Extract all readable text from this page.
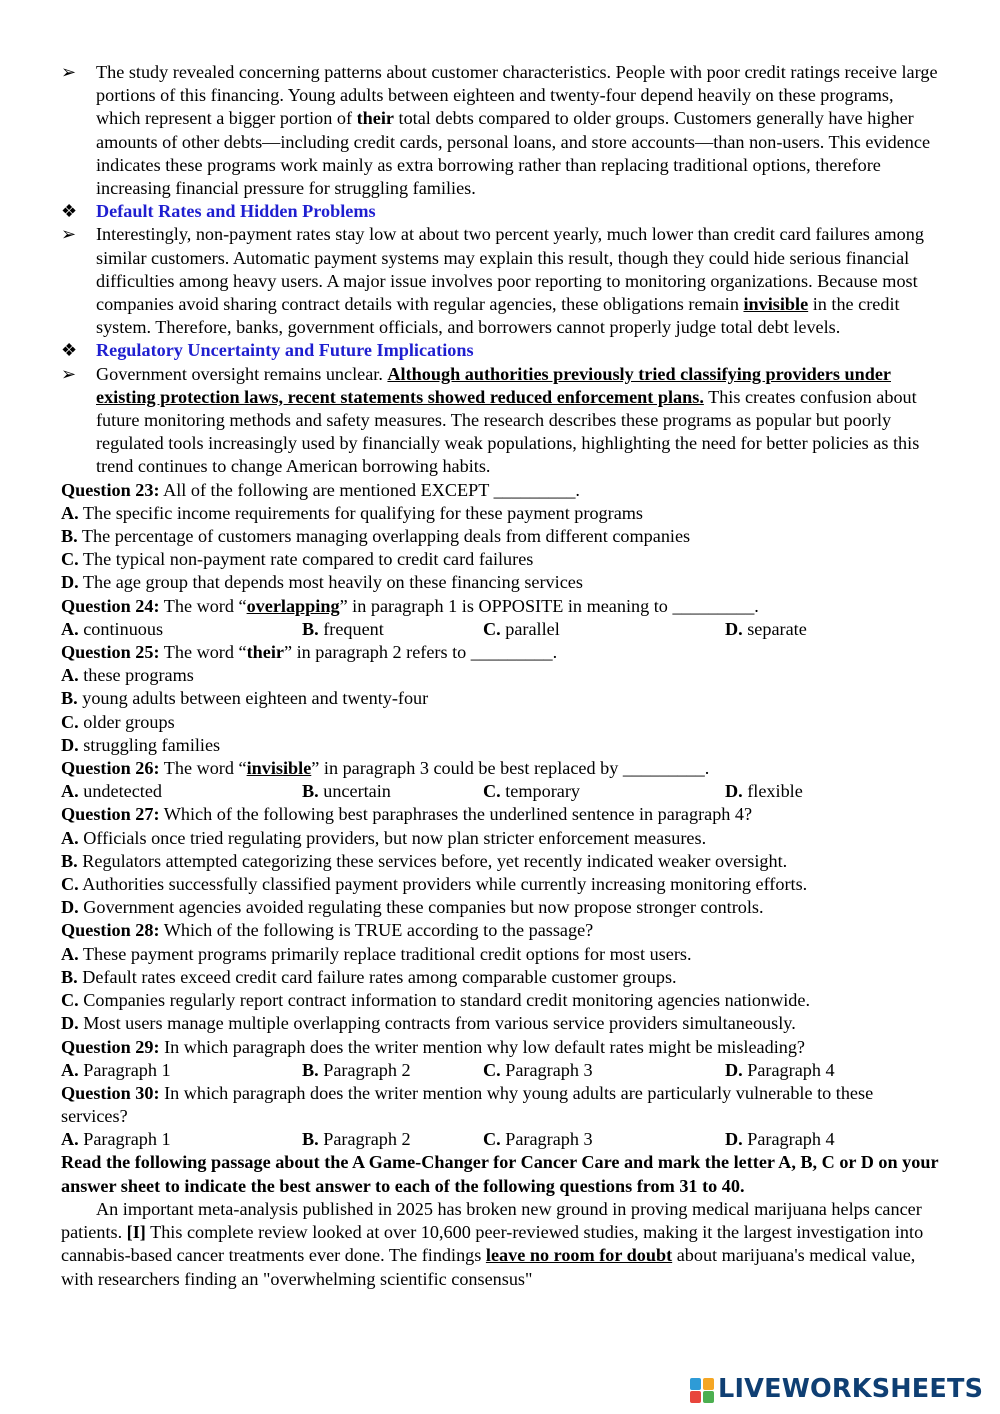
➢	The study revealed concerning patterns about customer characteristics. People with poor credit ratings receive large portions of this financing. Young adults between eighteen and twenty-four depend heavily on these programs, which represent a bigger portion of their total debts compared to older groups. Customers generally have higher amounts of other debts—including credit cards, personal loans, and store accounts—than non-users. This evidence indicates these programs work mainly as extra borrowing rather than replacing traditional options, therefore increasing financial pressure for struggling families.
❖	Default Rates and Hidden Problems
➢	Interestingly, non-payment rates stay low at about two percent yearly, much lower than credit card failures among similar customers. Automatic payment systems may explain this result, though they could hide serious financial difficulties among heavy users. A major issue involves poor reporting to monitoring organizations. Because most companies avoid sharing contract details with regular agencies, these obligations remain invisible in the credit system. Therefore, banks, government officials, and borrowers cannot properly judge total debt levels.
❖	Regulatory Uncertainty and Future Implications
➢	Government oversight remains unclear. Although authorities previously tried classifying providers under existing protection laws, recent statements showed reduced enforcement plans. This creates confusion about future monitoring methods and safety measures. The research describes these programs as popular but poorly regulated tools increasingly used by financially weak populations, highlighting the need for better policies as this trend continues to change American borrowing habits.
Question 23: All of the following are mentioned EXCEPT _________.
A. The specific income requirements for qualifying for these payment programs
B. The percentage of customers managing overlapping deals from different companies
C. The typical non-payment rate compared to credit card failures
D. The age group that depends most heavily on these financing services
Question 24: The word “overlapping” in paragraph 1 is OPPOSITE in meaning to _________.
A. continuous	B. frequent	C. parallel	D. separate
Question 25: The word “their” in paragraph 2 refers to _________.
A. these programs
B. young adults between eighteen and twenty-four
C. older groups
D. struggling families
Question 26: The word “invisible” in paragraph 3 could be best replaced by _________.
A. undetected	B. uncertain	C. temporary	D. flexible
Question 27: Which of the following best paraphrases the underlined sentence in paragraph 4?
A. Officials once tried regulating providers, but now plan stricter enforcement measures.
B. Regulators attempted categorizing these services before, yet recently indicated weaker oversight.
C. Authorities successfully classified payment providers while currently increasing monitoring efforts.
D. Government agencies avoided regulating these companies but now propose stronger controls.
Question 28: Which of the following is TRUE according to the passage?
A. These payment programs primarily replace traditional credit options for most users.
B. Default rates exceed credit card failure rates among comparable customer groups.
C. Companies regularly report contract information to standard credit monitoring agencies nationwide.
D. Most users manage multiple overlapping contracts from various service providers simultaneously.
Question 29: In which paragraph does the writer mention why low default rates might be misleading?
A. Paragraph 1	B. Paragraph 2	C. Paragraph 3	D. Paragraph 4
Question 30: In which paragraph does the writer mention why young adults are particularly vulnerable to these services?
A. Paragraph 1	B. Paragraph 2	C. Paragraph 3	D. Paragraph 4
Read the following passage about the A Game-Changer for Cancer Care and mark the letter A, B, C or D on your answer sheet to indicate the best answer to each of the following questions from 31 to 40.
An important meta-analysis published in 2025 has broken new ground in proving medical marijuana helps cancer patients. [I] This complete review looked at over 10,600 peer-reviewed studies, making it the largest investigation into cannabis-based cancer treatments ever done. The findings leave no room for doubt about marijuana's medical value, with researchers finding an "overwhelming scientific consensus"
LIVEWORKSHEETS
